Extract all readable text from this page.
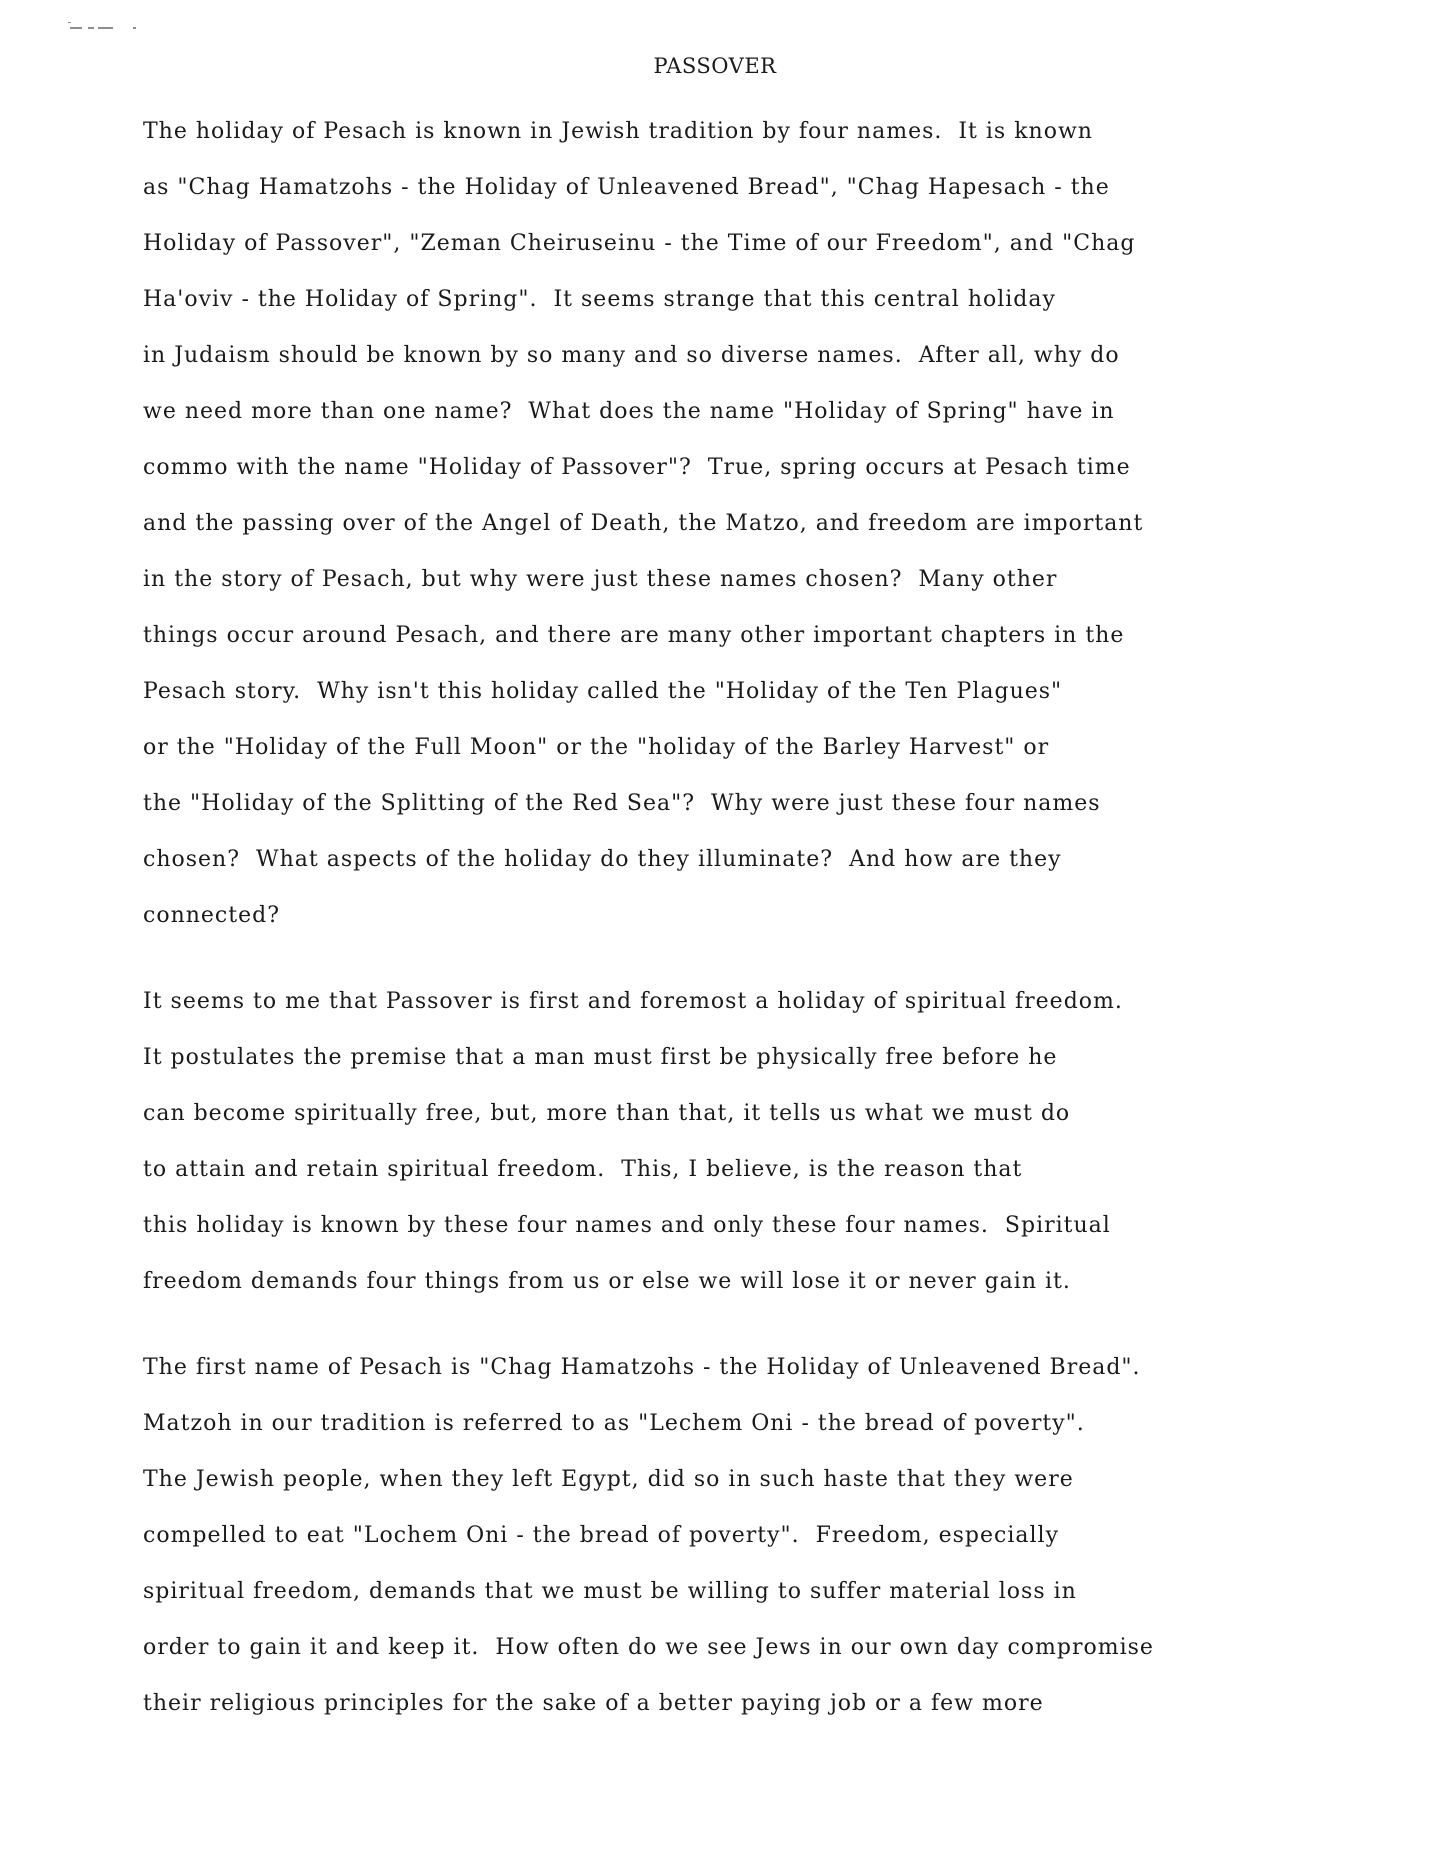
PASSOVER
The holiday of Pesach is known in Jewish tradition by four names.  It is known
as "Chag Hamatzohs - the Holiday of Unleavened Bread", "Chag Hapesach - the
Holiday of Passover", "Zeman Cheiruseinu - the Time of our Freedom", and "Chag
Ha'oviv - the Holiday of Spring".  It seems strange that this central holiday
in Judaism should be known by so many and so diverse names.  After all, why do
we need more than one name?  What does the name "Holiday of Spring" have in
commo with the name "Holiday of Passover"?  True, spring occurs at Pesach time
and the passing over of the Angel of Death, the Matzo, and freedom are important
in the story of Pesach, but why were just these names chosen?  Many other
things occur around Pesach, and there are many other important chapters in the
Pesach story.  Why isn't this holiday called the "Holiday of the Ten Plagues"
or the "Holiday of the Full Moon" or the "holiday of the Barley Harvest" or
the "Holiday of the Splitting of the Red Sea"?  Why were just these four names
chosen?  What aspects of the holiday do they illuminate?  And how are they
connected?
It seems to me that Passover is first and foremost a holiday of spiritual freedom.
It postulates the premise that a man must first be physically free before he
can become spiritually free, but, more than that, it tells us what we must do
to attain and retain spiritual freedom.  This, I believe, is the reason that
this holiday is known by these four names and only these four names.  Spiritual
freedom demands four things from us or else we will lose it or never gain it.
The first name of Pesach is "Chag Hamatzohs - the Holiday of Unleavened Bread".
Matzoh in our tradition is referred to as "Lechem Oni - the bread of poverty".
The Jewish people, when they left Egypt, did so in such haste that they were
compelled to eat "Lochem Oni - the bread of poverty".  Freedom, especially
spiritual freedom, demands that we must be willing to suffer material loss in
order to gain it and keep it.  How often do we see Jews in our own day compromise
their religious principles for the sake of a better paying job or a few more
